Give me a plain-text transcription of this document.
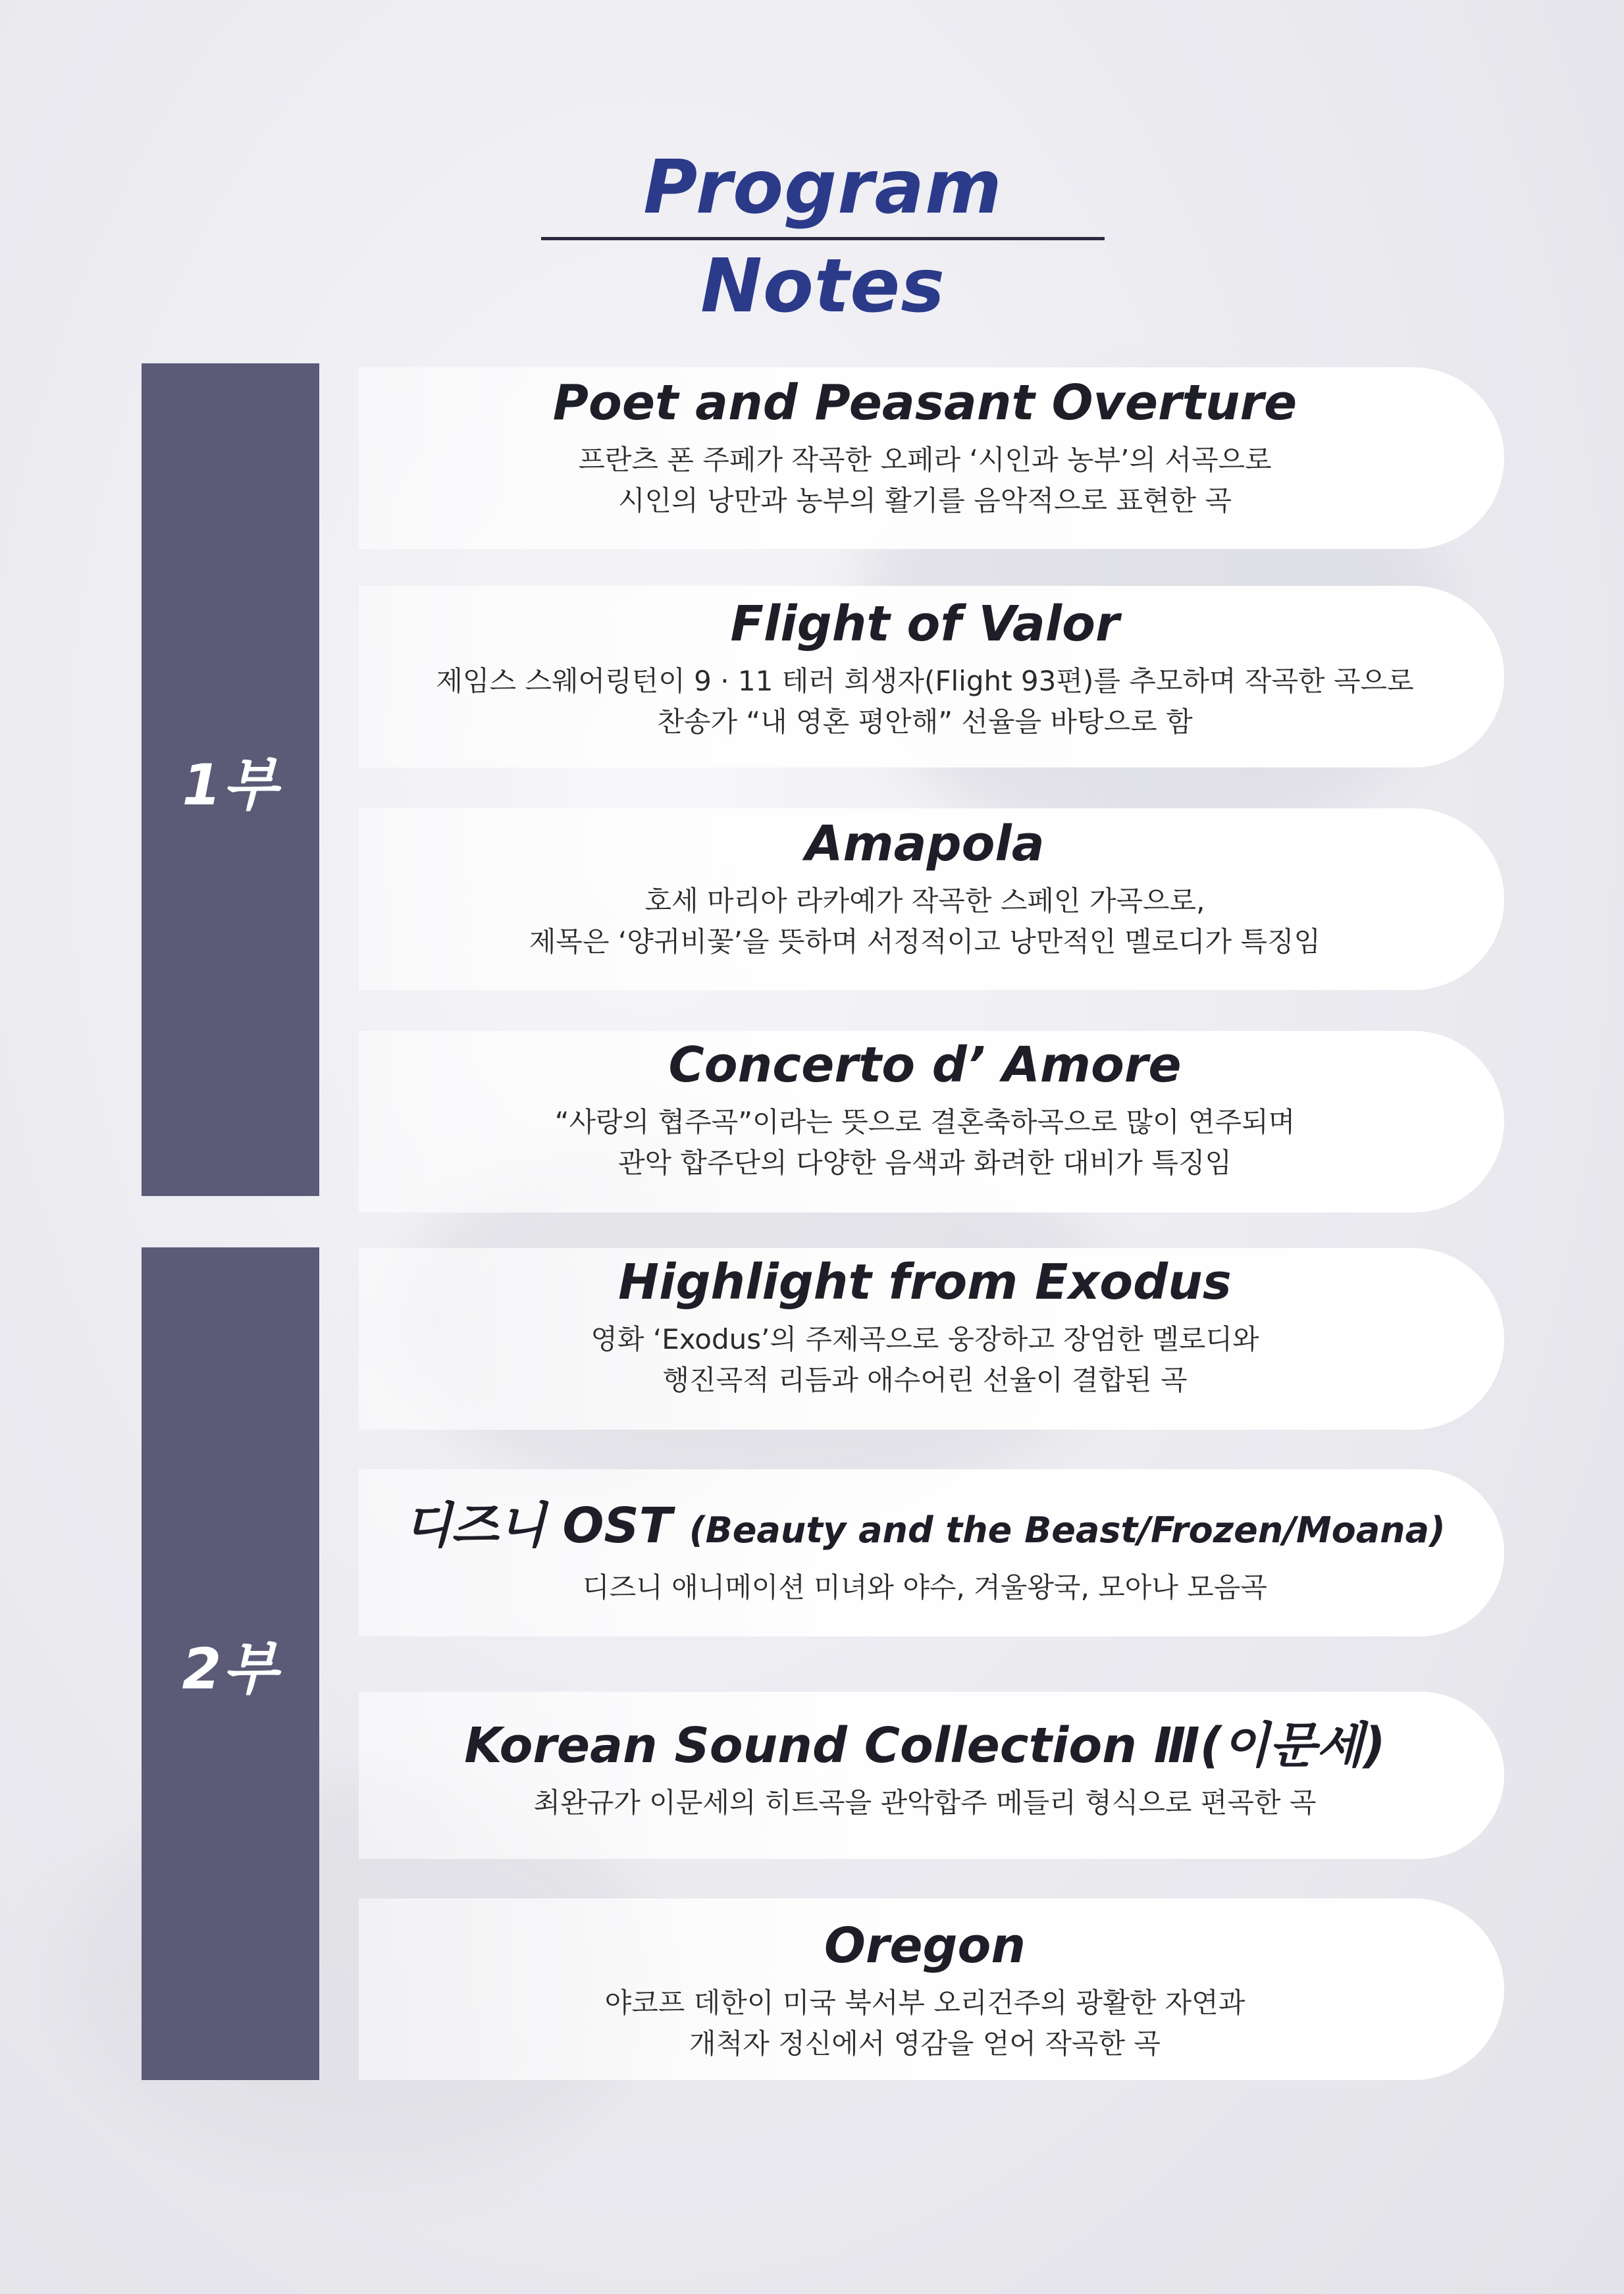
Program Notes
1부
2부
Poet and Peasant Overture
프란츠 폰 주페가 작곡한 오페라 ‘시인과 농부’의 서곡으로
시인의 낭만과 농부의 활기를 음악적으로 표현한 곡
Flight of Valor
제임스 스웨어링턴이 9 · 11 테러 희생자(Flight 93편)를 추모하며 작곡한 곡으로
찬송가 “내 영혼 평안해” 선율을 바탕으로 함
Amapola
호세 마리아 라카예가 작곡한 스페인 가곡으로,
제목은 ‘양귀비꽃’을 뜻하며 서정적이고 낭만적인 멜로디가 특징임
Concerto d’ Amore
“사랑의 협주곡”이라는 뜻으로 결혼축하곡으로 많이 연주되며
관악 합주단의 다양한 음색과 화려한 대비가 특징임
Highlight from Exodus
영화 ‘Exodus’의 주제곡으로 웅장하고 장엄한 멜로디와
행진곡적 리듬과 애수어린 선율이 결합된 곡
디즈니 OST (Beauty and the Beast/Frozen/Moana)
디즈니 애니메이션 미녀와 야수, 겨울왕국, 모아나 모음곡
Korean Sound Collection Ⅲ(이문세)
최완규가 이문세의 히트곡을 관악합주 메들리 형식으로 편곡한 곡
Oregon
야코프 데한이 미국 북서부 오리건주의 광활한 자연과
개척자 정신에서 영감을 얻어 작곡한 곡
